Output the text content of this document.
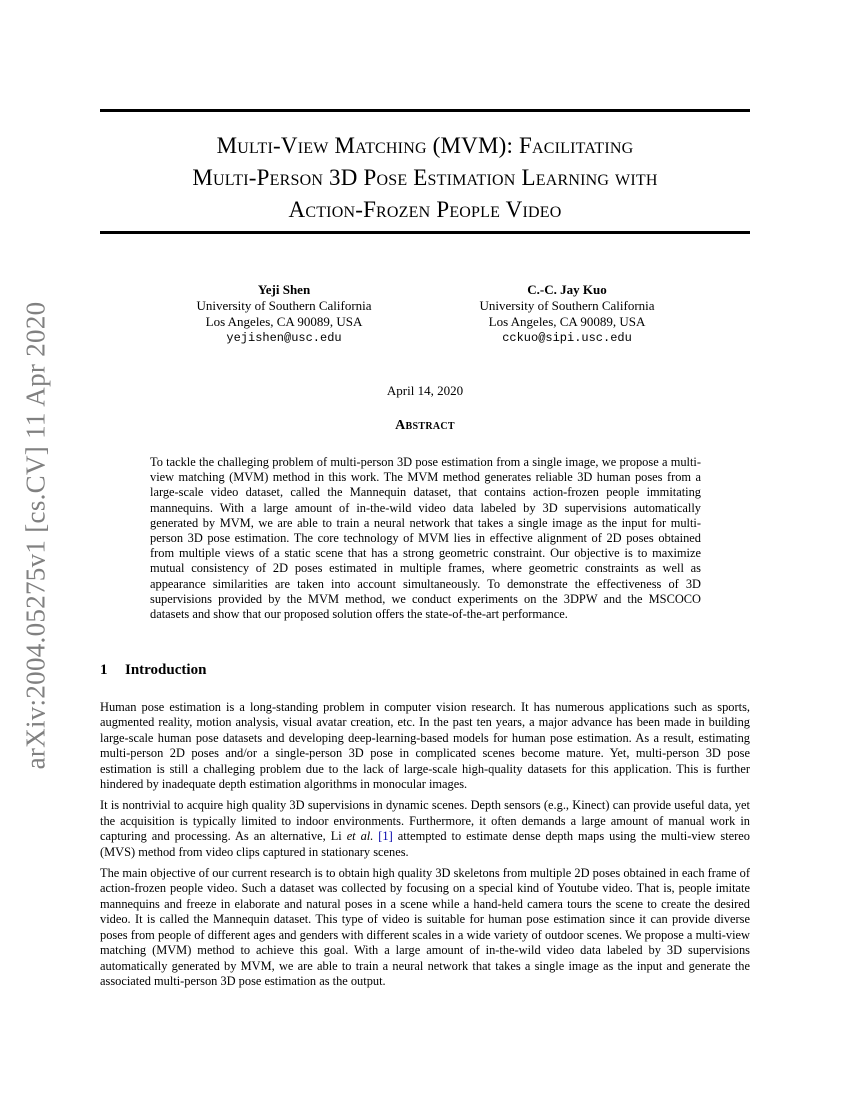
arXiv:2004.05275v1 [cs.CV] 11 Apr 2020
Multi-View Matching (MVM): Facilitating
Multi-Person 3D Pose Estimation Learning with
Action-Frozen People Video
Yeji Shen
University of Southern California
Los Angeles, CA 90089, USA
yejishen@usc.edu
C.-C. Jay Kuo
University of Southern California
Los Angeles, CA 90089, USA
cckuo@sipi.usc.edu
April 14, 2020
Abstract

To tackle the challeging problem of multi-person 3D pose estimation from a single image, we propose a multi-view matching (MVM) method in this work. The MVM method generates reliable 3D human poses from a large-scale video dataset, called the Mannequin dataset, that contains action-frozen people immitating mannequins. With a large amount of in-the-wild video data labeled by 3D supervisions automatically generated by MVM, we are able to train a neural network that takes a single image as the input for multi-person 3D pose estimation. The core technology of MVM lies in effective alignment of 2D poses obtained from multiple views of a static scene that has a strong geometric constraint. Our objective is to maximize mutual consistency of 2D poses estimated in multiple frames, where geometric constraints as well as appearance similarities are taken into account simultaneously. To demonstrate the effectiveness of 3D supervisions provided by the MVM method, we conduct experiments on the 3DPW and the MSCOCO datasets and show that our proposed solution offers the state-of-the-art performance.

1 Introduction

Human pose estimation is a long-standing problem in computer vision research. It has numerous applications such as sports, augmented reality, motion analysis, visual avatar creation, etc. In the past ten years, a major advance has been made in building large-scale human pose datasets and developing deep-learning-based models for human pose estimation. As a result, estimating multi-person 2D poses and/or a single-person 3D pose in complicated scenes become mature. Yet, multi-person 3D pose estimation is still a challeging problem due to the lack of large-scale high-quality datasets for this application. This is further hindered by inadequate depth estimation algorithms in monocular images.

It is nontrivial to acquire high quality 3D supervisions in dynamic scenes. Depth sensors (e.g., Kinect) can provide useful data, yet the acquisition is typically limited to indoor environments. Furthermore, it often demands a large amount of manual work in capturing and processing. As an alternative, Li et al. [1] attempted to estimate dense depth maps using the multi-view stereo (MVS) method from video clips captured in stationary scenes.

The main objective of our current research is to obtain high quality 3D skeletons from multiple 2D poses obtained in each frame of action-frozen people video. Such a dataset was collected by focusing on a special kind of Youtube video. That is, people imitate mannequins and freeze in elaborate and natural poses in a scene while a hand-held camera tours the scene to create the desired video. It is called the Mannequin dataset. This type of video is suitable for human pose estimation since it can provide diverse poses from people of different ages and genders with different scales in a wide variety of outdoor scenes. We propose a multi-view matching (MVM) method to achieve this goal. With a large amount of in-the-wild video data labeled by 3D supervisions automatically generated by MVM, we are able to train a neural network that takes a single image as the input and generate the associated multi-person 3D pose estimation as the output.
